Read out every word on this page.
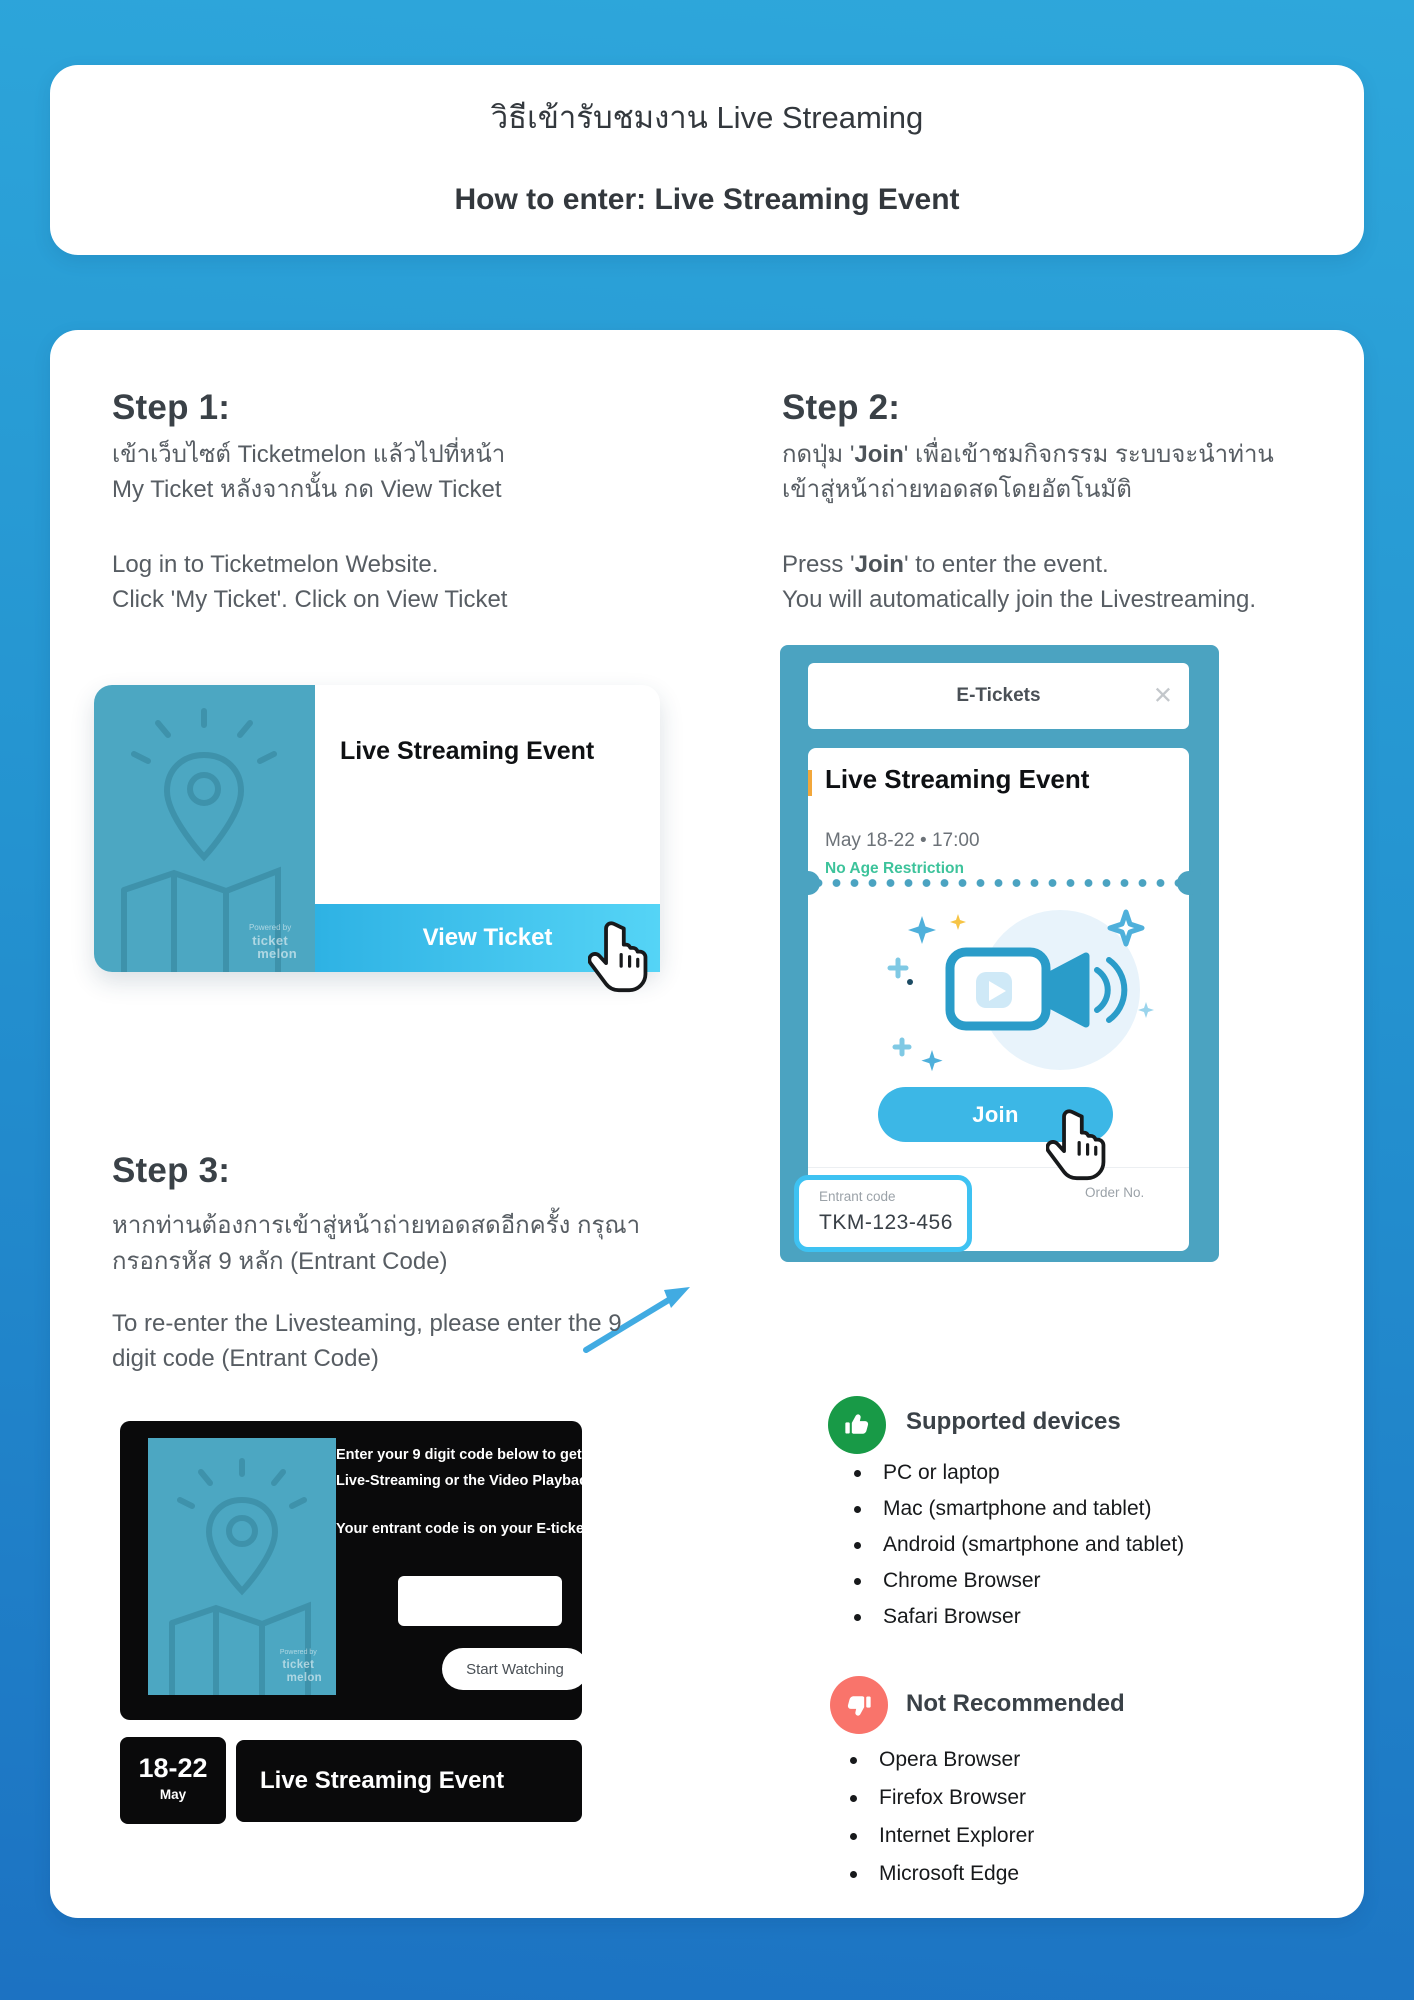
วิธีเข้ารับชมงาน Live Streaming
How to enter: Live Streaming Event
Step 1:
เข้าเว็บไซต์ Ticketmelon แล้วไปที่หน้า
My Ticket หลังจากนั้น กด View Ticket
Log in to Ticketmelon Website.
Click 'My Ticket'. Click on View Ticket
Powered by
ticket
melon
Live Streaming Event
View Ticket
Step 2:
กดปุ่ม 'Join' เพื่อเข้าชมกิจกรรม ระบบจะนำท่าน
เข้าสู่หน้าถ่ายทอดสดโดยอัตโนมัติ
Press 'Join' to enter the event.
You will automatically join the Livestreaming.
E-Tickets	✕
Live Streaming Event
May 18-22 • 17:00
No Age Restriction
Join
Entrant code
TKM-123-456
Order No.
Step 3:
หากท่านต้องการเข้าสู่หน้าถ่ายทอดสดอีกครั้ง กรุณา
กรอกรหัส 9 หลัก (Entrant Code)
To re-enter the Livesteaming, please enter the 9
digit code (Entrant Code)
Powered by
ticket
melon
Enter your 9 digit code below to get access to the
Live-Streaming or the Video Playback.
Your entrant code is on your E-ticket (9 digits)
Start Watching
18-22
May
Live Streaming Event
Supported devices
PC or laptop
Mac (smartphone and tablet)
Android (smartphone and tablet)
Chrome Browser
Safari Browser
Not Recommended
Opera Browser
Firefox Browser
Internet Explorer
Microsoft Edge
